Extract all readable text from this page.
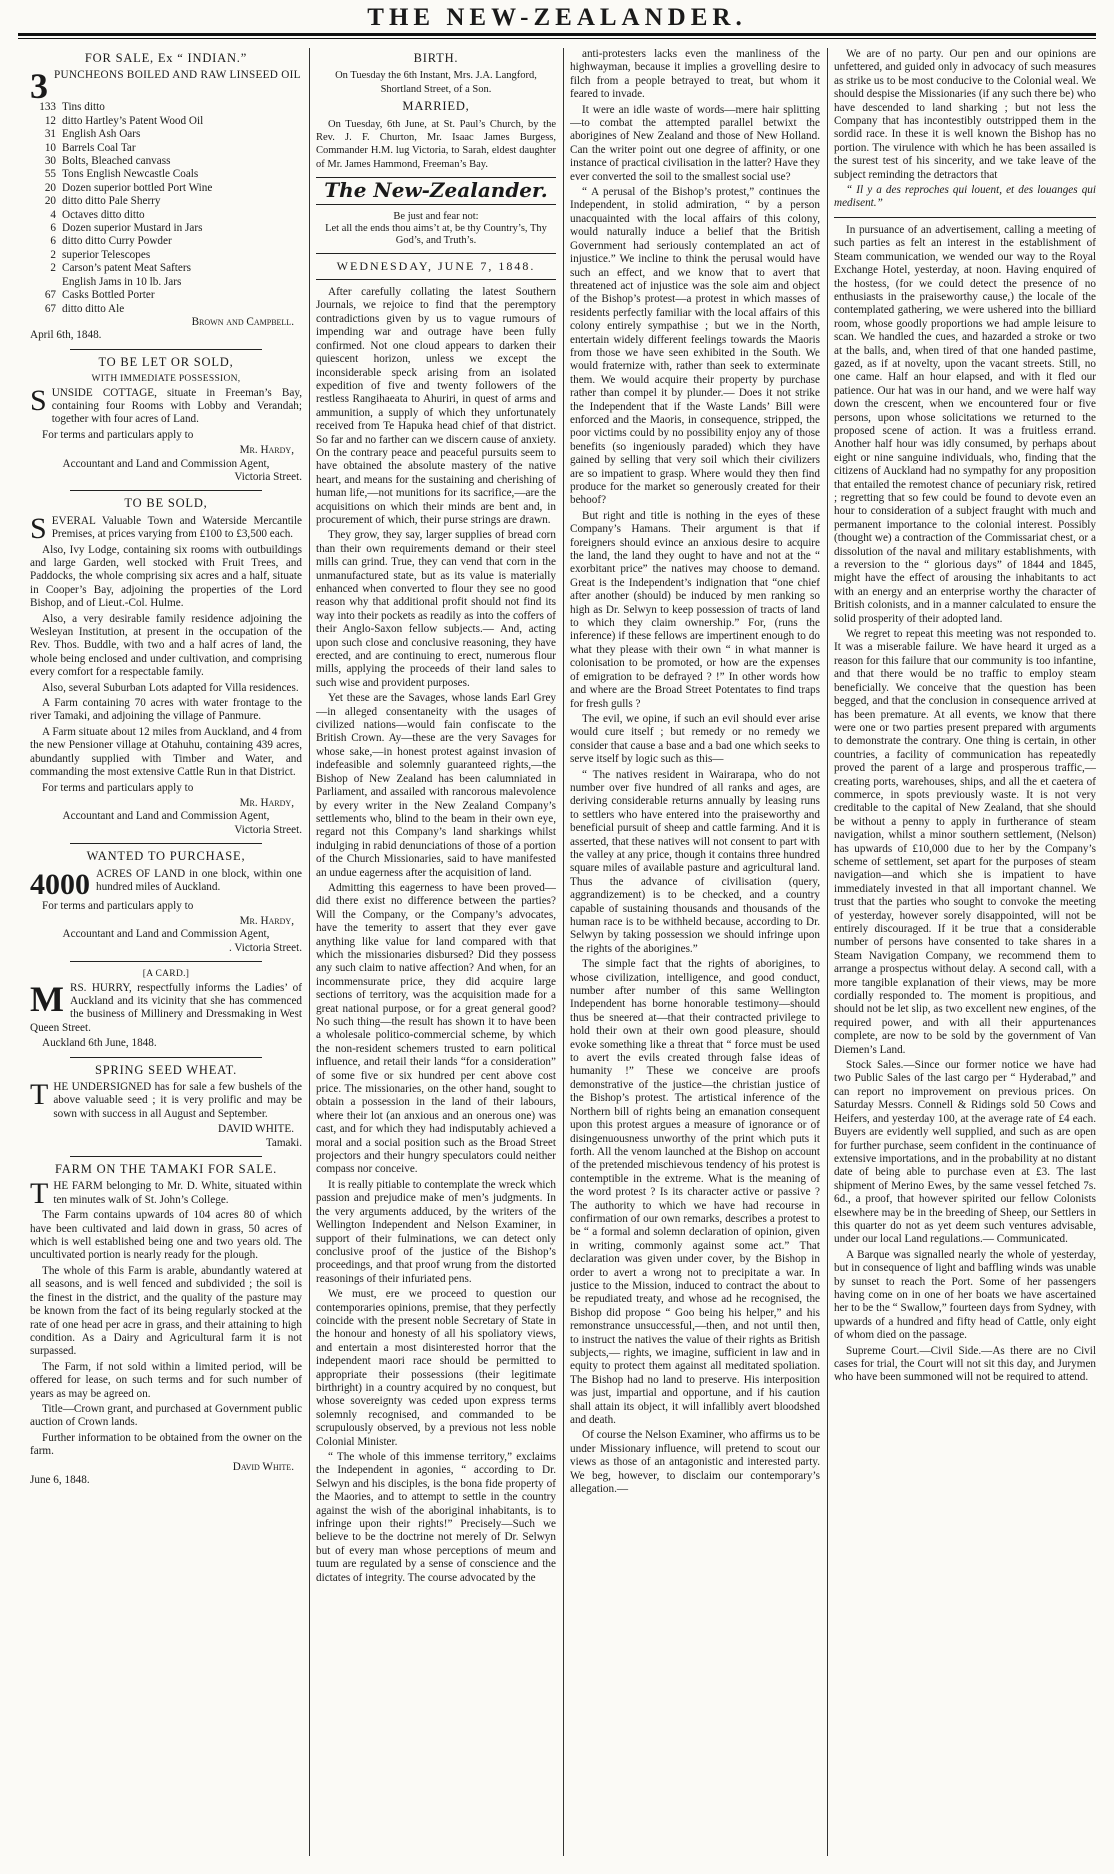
THE NEW-ZEALANDER.
FOR SALE, Ex “ INDIAN.”

3 PUNCHEONS BOILED AND RAW LINSEED OIL

133 Tins ditto
12 ditto Hartley’s Patent Wood Oil
31 English Ash Oars
10 Barrels Coal Tar
30 Bolts, Bleached canvass
55 Tons English Newcastle Coals
20 Dozen superior bottled Port Wine
20 ditto ditto Pale Sherry
4 Octaves ditto ditto
6 Dozen superior Mustard in Jars
6 ditto ditto Curry Powder
2 superior Telescopes
2 Carson’s patent Meat Safters
English Jams in 10 lb. Jars
67 Casks Bottled Porter
67 ditto ditto Ale
Brown and Campbell.

April 6th, 1848.

TO BE LET OR SOLD,
WITH IMMEDIATE POSSESSION,

SUNSIDE COTTAGE, situate in Freeman’s Bay, containing four Rooms with Lobby and Verandah; together with four acres of Land.

For terms and particulars apply to

Mr. Hardy,
Accountant and Land and Commission Agent,
Victoria Street.
TO BE SOLD,

SEVERAL Valuable Town and Waterside Mercantile Premises, at prices varying from £100 to £3,500 each.

Also, Ivy Lodge, containing six rooms with outbuildings and large Garden, well stocked with Fruit Trees, and Paddocks, the whole comprising six acres and a half, situate in Cooper’s Bay, adjoining the properties of the Lord Bishop, and of Lieut.-Col. Hulme.

Also, a very desirable family residence adjoining the Wesleyan Institution, at present in the occupation of the Rev. Thos. Buddle, with two and a half acres of land, the whole being enclosed and under cultivation, and comprising every comfort for a respectable family.

Also, several Suburban Lots adapted for Villa residences.

A Farm containing 70 acres with water frontage to the river Tamaki, and adjoining the village of Panmure.

A Farm situate about 12 miles from Auckland, and 4 from the new Pensioner village at Otahuhu, containing 439 acres, abundantly supplied with Timber and Water, and commanding the most extensive Cattle Run in that District.

For terms and particulars apply to

Mr. Hardy,
Accountant and Land and Commission Agent,
Victoria Street.
WANTED TO PURCHASE,

4000 ACRES OF LAND in one block, within one hundred miles of Auckland.

For terms and particulars apply to

Mr. Hardy,
Accountant and Land and Commission Agent,
. Victoria Street.
[A CARD.]

MRS. HURRY, respectfully informs the Ladies’ of Auckland and its vicinity that she has commenced the business of Millinery and Dressmaking in West Queen Street.

Auckland 6th June, 1848.

SPRING SEED WHEAT.

THE UNDERSIGNED has for sale a few bushels of the above valuable seed ; it is very prolific and may be sown with success in all August and September.

DAVID WHITE.
Tamaki.
FARM ON THE TAMAKI FOR SALE.

THE FARM belonging to Mr. D. White, situated within ten minutes walk of St. John’s College.

The Farm contains upwards of 104 acres 80 of which have been cultivated and laid down in grass, 50 acres of which is well established being one and two years old. The uncultivated portion is nearly ready for the plough.

The whole of this Farm is arable, abundantly watered at all seasons, and is well fenced and subdivided ; the soil is the finest in the district, and the quality of the pasture may be known from the fact of its being regularly stocked at the rate of one head per acre in grass, and their attaining to high condition. As a Dairy and Agricultural farm it is not surpassed.

The Farm, if not sold within a limited period, will be offered for lease, on such terms and for such number of years as may be agreed on.

Title—Crown grant, and purchased at Government public auction of Crown lands.

Further information to be obtained from the owner on the farm.

David White.

June 6, 1848.

BIRTH.

On Tuesday the 6th Instant, Mrs. J.A. Langford, Shortland Street, of a Son.

MARRIED,

On Tuesday, 6th June, at St. Paul’s Church, by the Rev. J. F. Churton, Mr. Isaac James Burgess, Commander H.M. lug Victoria, to Sarah, eldest daughter of Mr. James Hammond, Freeman’s Bay.

The New-Zealander.
Be just and fear not:
Let all the ends thou aims’t at, be thy Country’s, Thy God’s, and Truth’s.
WEDNESDAY, JUNE 7, 1848.

After carefully collating the latest Southern Journals, we rejoice to find that the peremptory contradictions given by us to vague rumours of impending war and outrage have been fully confirmed. Not one cloud appears to darken their quiescent horizon, unless we except the inconsiderable speck arising from an isolated expedition of five and twenty followers of the restless Rangihaeata to Ahuriri, in quest of arms and ammunition, a supply of which they unfortunately received from Te Hapuka head chief of that district. So far and no farther can we discern cause of anxiety. On the contrary peace and peaceful pursuits seem to have obtained the absolute mastery of the native heart, and means for the sustaining and cherishing of human life,—not munitions for its sacrifice,—are the acquisitions on which their minds are bent and, in procurement of which, their purse strings are drawn.

They grow, they say, larger supplies of bread corn than their own requirements demand or their steel mills can grind. True, they can vend that corn in the unmanufactured state, but as its value is materially enhanced when converted to flour they see no good reason why that additional profit should not find its way into their pockets as readily as into the coffers of their Anglo-Saxon fellow subjects.— And, acting upon such close and conclusive reasoning, they have erected, and are continuing to erect, numerous flour mills, applying the proceeds of their land sales to such wise and provident purposes.

Yet these are the Savages, whose lands Earl Grey—in alleged consentaneity with the usages of civilized nations—would fain confiscate to the British Crown. Ay—these are the very Savages for whose sake,—in honest protest against invasion of indefeasible and solemnly guaranteed rights,—the Bishop of New Zealand has been calumniated in Parliament, and assailed with rancorous malevolence by every writer in the New Zealand Company’s settlements who, blind to the beam in their own eye, regard not this Company’s land sharkings whilst indulging in rabid denunciations of those of a portion of the Church Missionaries, said to have manifested an undue eagerness after the acquisition of land.

Admitting this eagerness to have been proved—did there exist no difference between the parties? Will the Company, or the Company’s advocates, have the temerity to assert that they ever gave anything like value for land compared with that which the missionaries disbursed? Did they possess any such claim to native affection? And when, for an incommensurate price, they did acquire large sections of territory, was the acquisition made for a great national purpose, or for a great general good? No such thing—the result has shown it to have been a wholesale politico-commercial scheme, by which the non-resident schemers trusted to earn political influence, and retail their lands “for a consideration” of some five or six hundred per cent above cost price. The missionaries, on the other hand, sought to obtain a possession in the land of their labours, where their lot (an anxious and an onerous one) was cast, and for which they had indisputably achieved a moral and a social position such as the Broad Street projectors and their hungry speculators could neither compass nor conceive.

It is really pitiable to contemplate the wreck which passion and prejudice make of men’s judgments. In the very arguments adduced, by the writers of the Wellington Independent and Nelson Examiner, in support of their fulminations, we can detect only conclusive proof of the justice of the Bishop’s proceedings, and that proof wrung from the distorted reasonings of their infuriated pens.

We must, ere we proceed to question our contemporaries opinions, premise, that they perfectly coincide with the present noble Secretary of State in the honour and honesty of all his spoliatory views, and entertain a most disinterested horror that the independent maori race should be permitted to appropriate their possessions (their legitimate birthright) in a country acquired by no conquest, but whose sovereignty was ceded upon express terms solemnly recognised, and commanded to be scrupulously observed, by a previous not less noble Colonial Minister.

“ The whole of this immense territory,” exclaims the Independent in agonies, “ according to Dr. Selwyn and his disciples, is the bona fide property of the Maories, and to attempt to settle in the country against the wish of the aboriginal inhabitants, is to infringe upon their rights!” Precisely—Such we believe to be the doctrine not merely of Dr. Selwyn but of every man whose perceptions of meum and tuum are regulated by a sense of conscience and the dictates of integrity. The course advocated by the

anti-protesters lacks even the manliness of the highwayman, because it implies a grovelling desire to filch from a people betrayed to treat, but whom it feared to invade.

It were an idle waste of words—mere hair splitting—to combat the attempted parallel betwixt the aborigines of New Zealand and those of New Holland. Can the writer point out one degree of affinity, or one instance of practical civilisation in the latter? Have they ever converted the soil to the smallest social use?

“ A perusal of the Bishop’s protest,” continues the Independent, in stolid admiration, “ by a person unacquainted with the local affairs of this colony, would naturally induce a belief that the British Government had seriously contemplated an act of injustice.” We incline to think the perusal would have such an effect, and we know that to avert that threatened act of injustice was the sole aim and object of the Bishop’s protest—a protest in which masses of residents perfectly familiar with the local affairs of this colony entirely sympathise ; but we in the North, entertain widely different feelings towards the Maoris from those we have seen exhibited in the South. We would fraternize with, rather than seek to exterminate them. We would acquire their property by purchase rather than compel it by plunder.— Does it not strike the Independent that if the Waste Lands’ Bill were enforced and the Maoris, in consequence, stripped, the poor victims could by no possibility enjoy any of those benefits (so ingeniously paraded) which they have gained by selling that very soil which their civilizers are so impatient to grasp. Where would they then find produce for the market so generously created for their behoof?

But right and title is nothing in the eyes of these Company’s Hamans. Their argument is that if foreigners should evince an anxious desire to acquire the land, the land they ought to have and not at the “ exorbitant price” the natives may choose to demand. Great is the Independent’s indignation that “one chief after another (should) be induced by men ranking so high as Dr. Selwyn to keep possession of tracts of land to which they claim ownership.” For, (runs the inference) if these fellows are impertinent enough to do what they please with their own “ in what manner is colonisation to be promoted, or how are the expenses of emigration to be defrayed ? !” In other words how and where are the Broad Street Potentates to find traps for fresh gulls ?

The evil, we opine, if such an evil should ever arise would cure itself ; but remedy or no remedy we consider that cause a base and a bad one which seeks to serve itself by logic such as this—

“ The natives resident in Wairarapa, who do not number over five hundred of all ranks and ages, are deriving considerable returns annually by leasing runs to settlers who have entered into the praiseworthy and beneficial pursuit of sheep and cattle farming. And it is asserted, that these natives will not consent to part with the valley at any price, though it contains three hundred square miles of available pasture and agricultural land. Thus the advance of civilisation (query, aggrandizement) is to be checked, and a country capable of sustaining thousands and thousands of the human race is to be withheld because, according to Dr. Selwyn by taking possession we should infringe upon the rights of the aborigines.”

The simple fact that the rights of aborigines, to whose civilization, intelligence, and good conduct, number after number of this same Wellington Independent has borne honorable testimony—should thus be sneered at—that their contracted privilege to hold their own at their own good pleasure, should evoke something like a threat that “ force must be used to avert the evils created through false ideas of humanity !” These we conceive are proofs demonstrative of the justice—the christian justice of the Bishop’s protest. The artistical inference of the Northern bill of rights being an emanation consequent upon this protest argues a measure of ignorance or of disingenuousness unworthy of the print which puts it forth. All the venom launched at the Bishop on account of the pretended mischievous tendency of his protest is contemptible in the extreme. What is the meaning of the word protest ? Is its character active or passive ? The authority to which we have had recourse in confirmation of our own remarks, describes a protest to be “ a formal and solemn declaration of opinion, given in writing, commonly against some act.” That declaration was given under cover, by the Bishop in order to avert a wrong not to precipitate a war. In justice to the Mission, induced to contract the about to be repudiated treaty, and whose ad he recognised, the Bishop did propose “ Goo being his helper,” and his remonstrance unsuccessful,—then, and not until then, to instruct the natives the value of their rights as British subjects,— rights, we imagine, sufficient in law and in equity to protect them against all meditated spoliation. The Bishop had no land to preserve. His interposition was just, impartial and opportune, and if his caution shall attain its object, it will infallibly avert bloodshed and death.

Of course the Nelson Examiner, who affirms us to be under Missionary influence, will pretend to scout our views as those of an antagonistic and interested party. We beg, however, to disclaim our contemporary’s allegation.—

We are of no party. Our pen and our opinions are unfettered, and guided only in advocacy of such measures as strike us to be most conducive to the Colonial weal. We should despise the Missionaries (if any such there be) who have descended to land sharking ; but not less the Company that has incontestibly outstripped them in the sordid race. In these it is well known the Bishop has no portion. The virulence with which he has been assailed is the surest test of his sincerity, and we take leave of the subject reminding the detractors that

“ Il y a des reproches qui louent, et des louanges qui medisent.”

In pursuance of an advertisement, calling a meeting of such parties as felt an interest in the establishment of Steam communication, we wended our way to the Royal Exchange Hotel, yesterday, at noon. Having enquired of the hostess, (for we could detect the presence of no enthusiasts in the praiseworthy cause,) the locale of the contemplated gathering, we were ushered into the billiard room, whose goodly proportions we had ample leisure to scan. We handled the cues, and hazarded a stroke or two at the balls, and, when tired of that one handed pastime, gazed, as if at novelty, upon the vacant streets. Still, no one came. Half an hour elapsed, and with it fled our patience. Our hat was in our hand, and we were half way down the crescent, when we encountered four or five persons, upon whose solicitations we returned to the proposed scene of action. It was a fruitless errand. Another half hour was idly consumed, by perhaps about eight or nine sanguine individuals, who, finding that the citizens of Auckland had no sympathy for any proposition that entailed the remotest chance of pecuniary risk, retired ; regretting that so few could be found to devote even an hour to consideration of a subject fraught with much and permanent importance to the colonial interest. Possibly (thought we) a contraction of the Commissariat chest, or a dissolution of the naval and military establishments, with a reversion to the “ glorious days” of 1844 and 1845, might have the effect of arousing the inhabitants to act with an energy and an enterprise worthy the character of British colonists, and in a manner calculated to ensure the solid prosperity of their adopted land.

We regret to repeat this meeting was not responded to. It was a miserable failure. We have heard it urged as a reason for this failure that our community is too infantine, and that there would be no traffic to employ steam beneficially. We conceive that the question has been begged, and that the conclusion in consequence arrived at has been premature. At all events, we know that there were one or two parties present prepared with arguments to demonstrate the contrary. One thing is certain, in other countries, a facility of communication has repeatedly proved the parent of a large and prosperous traffic,—creating ports, warehouses, ships, and all the et caetera of commerce, in spots previously waste. It is not very creditable to the capital of New Zealand, that she should be without a penny to apply in furtherance of steam navigation, whilst a minor southern settlement, (Nelson) has upwards of £10,000 due to her by the Company’s scheme of settlement, set apart for the purposes of steam navigation—and which she is impatient to have immediately invested in that all important channel. We trust that the parties who sought to convoke the meeting of yesterday, however sorely disappointed, will not be entirely discouraged. If it be true that a considerable number of persons have consented to take shares in a Steam Navigation Company, we recommend them to arrange a prospectus without delay. A second call, with a more tangible explanation of their views, may be more cordially responded to. The moment is propitious, and should not be let slip, as two excellent new engines, of the required power, and with all their appurtenances complete, are now to be sold by the government of Van Diemen’s Land.

Stock Sales.—Since our former notice we have had two Public Sales of the last cargo per “ Hyderabad,” and can report no improvement on previous prices. On Saturday Messrs. Connell & Ridings sold 50 Cows and Heifers, and yesterday 100, at the average rate of £4 each. Buyers are evidently well supplied, and such as are open for further purchase, seem confident in the continuance of extensive importations, and in the probability at no distant date of being able to purchase even at £3. The last shipment of Merino Ewes, by the same vessel fetched 7s. 6d., a proof, that however spirited our fellow Colonists elsewhere may be in the breeding of Sheep, our Settlers in this quarter do not as yet deem such ventures advisable, under our local Land regulations.— Communicated.

A Barque was signalled nearly the whole of yesterday, but in consequence of light and baffling winds was unable by sunset to reach the Port. Some of her passengers having come on in one of her boats we have ascertained her to be the “ Swallow,” fourteen days from Sydney, with upwards of a hundred and fifty head of Cattle, only eight of whom died on the passage.

Supreme Court.—Civil Side.—As there are no Civil cases for trial, the Court will not sit this day, and Jurymen who have been summoned will not be required to attend.
